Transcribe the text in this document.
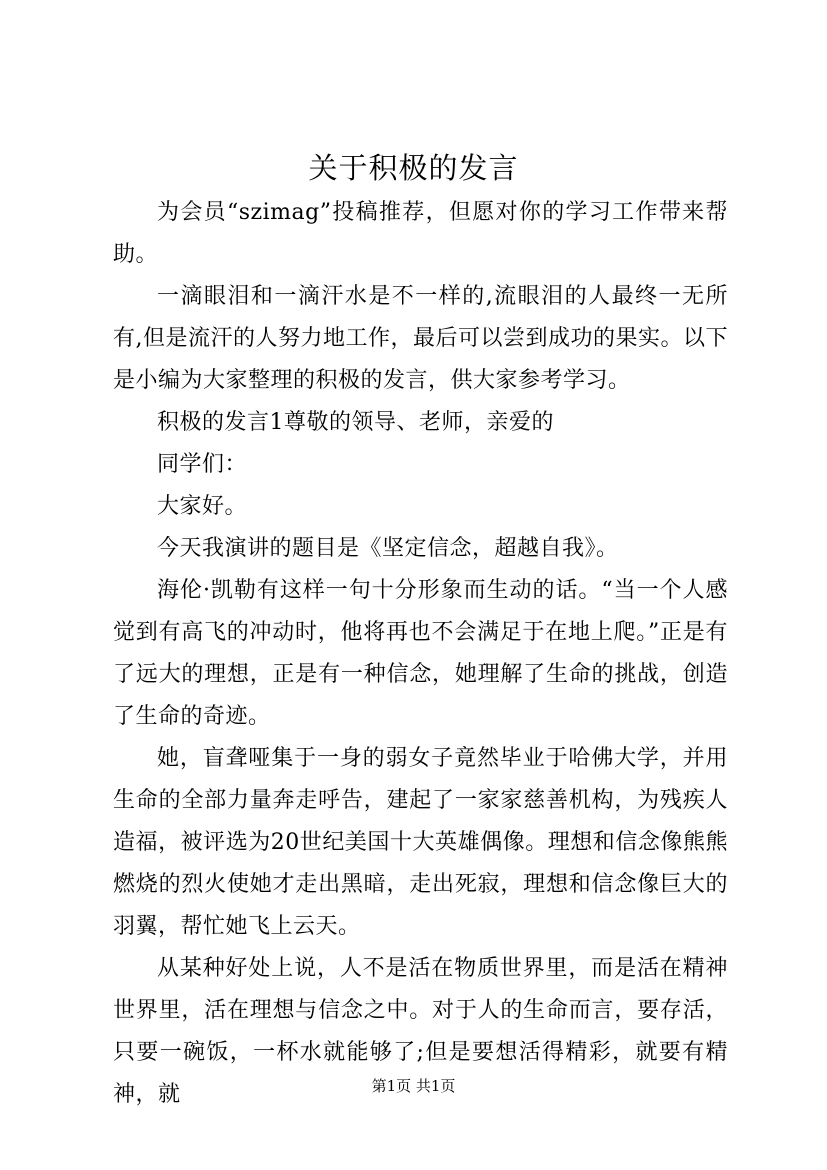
关于积极的发言

为会员“szimag”投稿推荐，但愿对你的学习工作带来帮助。

一滴眼泪和一滴汗水是不一样的,流眼泪的人最终一无所有,但是流汗的人努力地工作，最后可以尝到成功的果实。以下是小编为大家整理的积极的发言，供大家参考学习。

积极的发言1尊敬的领导、老师，亲爱的

同学们：

大家好。

今天我演讲的题目是《坚定信念，超越自我》。

海伦·凯勒有这样一句十分形象而生动的话。“当一个人感觉到有高飞的冲动时，他将再也不会满足于在地上爬。”正是有了远大的理想，正是有一种信念，她理解了生命的挑战，创造了生命的奇迹。

她，盲聋哑集于一身的弱女子竟然毕业于哈佛大学，并用生命的全部力量奔走呼告，建起了一家家慈善机构，为残疾人造福，被评选为20世纪美国十大英雄偶像。理想和信念像熊熊燃烧的烈火使她才走出黑暗，走出死寂，理想和信念像巨大的羽翼，帮忙她飞上云天。

从某种好处上说，人不是活在物质世界里，而是活在精神世界里，活在理想与信念之中。对于人的生命而言，要存活，只要一碗饭，一杯水就能够了;但是要想活得精彩，就要有精神，就	第1页 共1页
